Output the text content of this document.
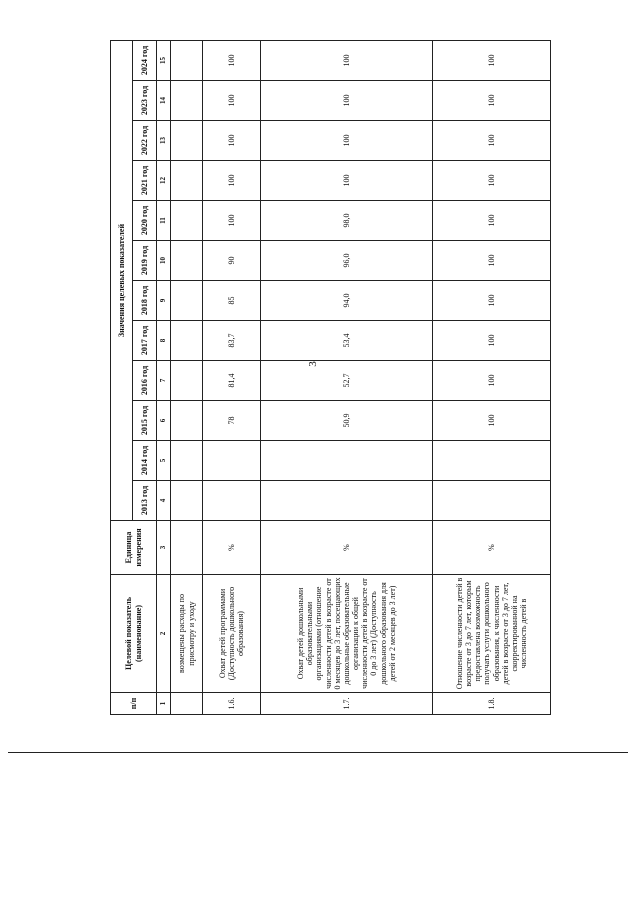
3
п/п	Целевой показатель (наименование)	Единица измерения	Значения целевых показателей											
			2013 год	2014 год	2015 год	2016 год	2017 год	2018 год	2019 год	2020 год	2021 год	2022 год	2023 год	2024 год
1	2	3	4	5	6	7	8	9	10	11	12	13	14	15
	возмещены расходы по присмотру и уходу													
1.6.	Охват детей программами (Доступность дошкольного образования)	%			78	81,4	83,7	85	90	100	100	100	100	100
1.7.	Охват детей дошкольными образовательными организациями (отношение численности детей в возрасте от 0 месяцев до 3 лет, посещающих дошкольные образовательные организации к общей численности детей в возрасте от 0 до 3 лет) (Доступность дошкольного образования для детей от 2 месяцев до 3 лет)	%			50,9	52,7	53,4	94,0	96,0	98,0	100	100	100	100
1.8.	Отношение численности детей в возрасте от 3 до 7 лет, которым предоставлена возможность получать услуги дошкольного образования, к численности детей в возрасте от 3 до 7 лет, скорректированной на численность детей в	%			100	100	100	100	100	100	100	100	100	100
